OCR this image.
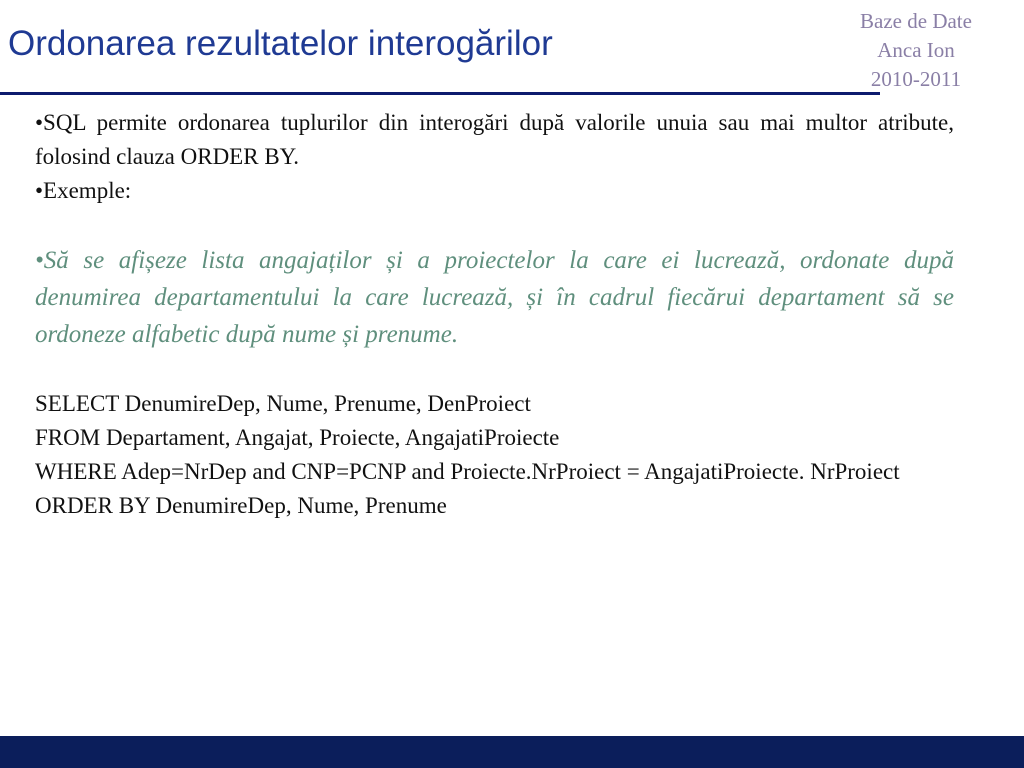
Ordonarea rezultatelor interogărilor
Baze de Date
Anca Ion
2010-2011

•SQL permite ordonarea tuplurilor din interogări după valorile unuia sau mai multor atribute, folosind clauza ORDER BY.

•Exemple:

•Să se afișeze lista angajaților și a proiectelor la care ei lucrează, ordonate după denumirea departamentului la care lucrează, și în cadrul fiecărui departament să se ordoneze alfabetic după nume și prenume.

SELECT DenumireDep, Nume, Prenume, DenProiect

FROM Departament, Angajat, Proiecte, AngajatiProiecte

WHERE Adep=NrDep and CNP=PCNP and Proiecte.NrProiect = AngajatiProiecte. NrProiect

ORDER BY DenumireDep, Nume, Prenume
